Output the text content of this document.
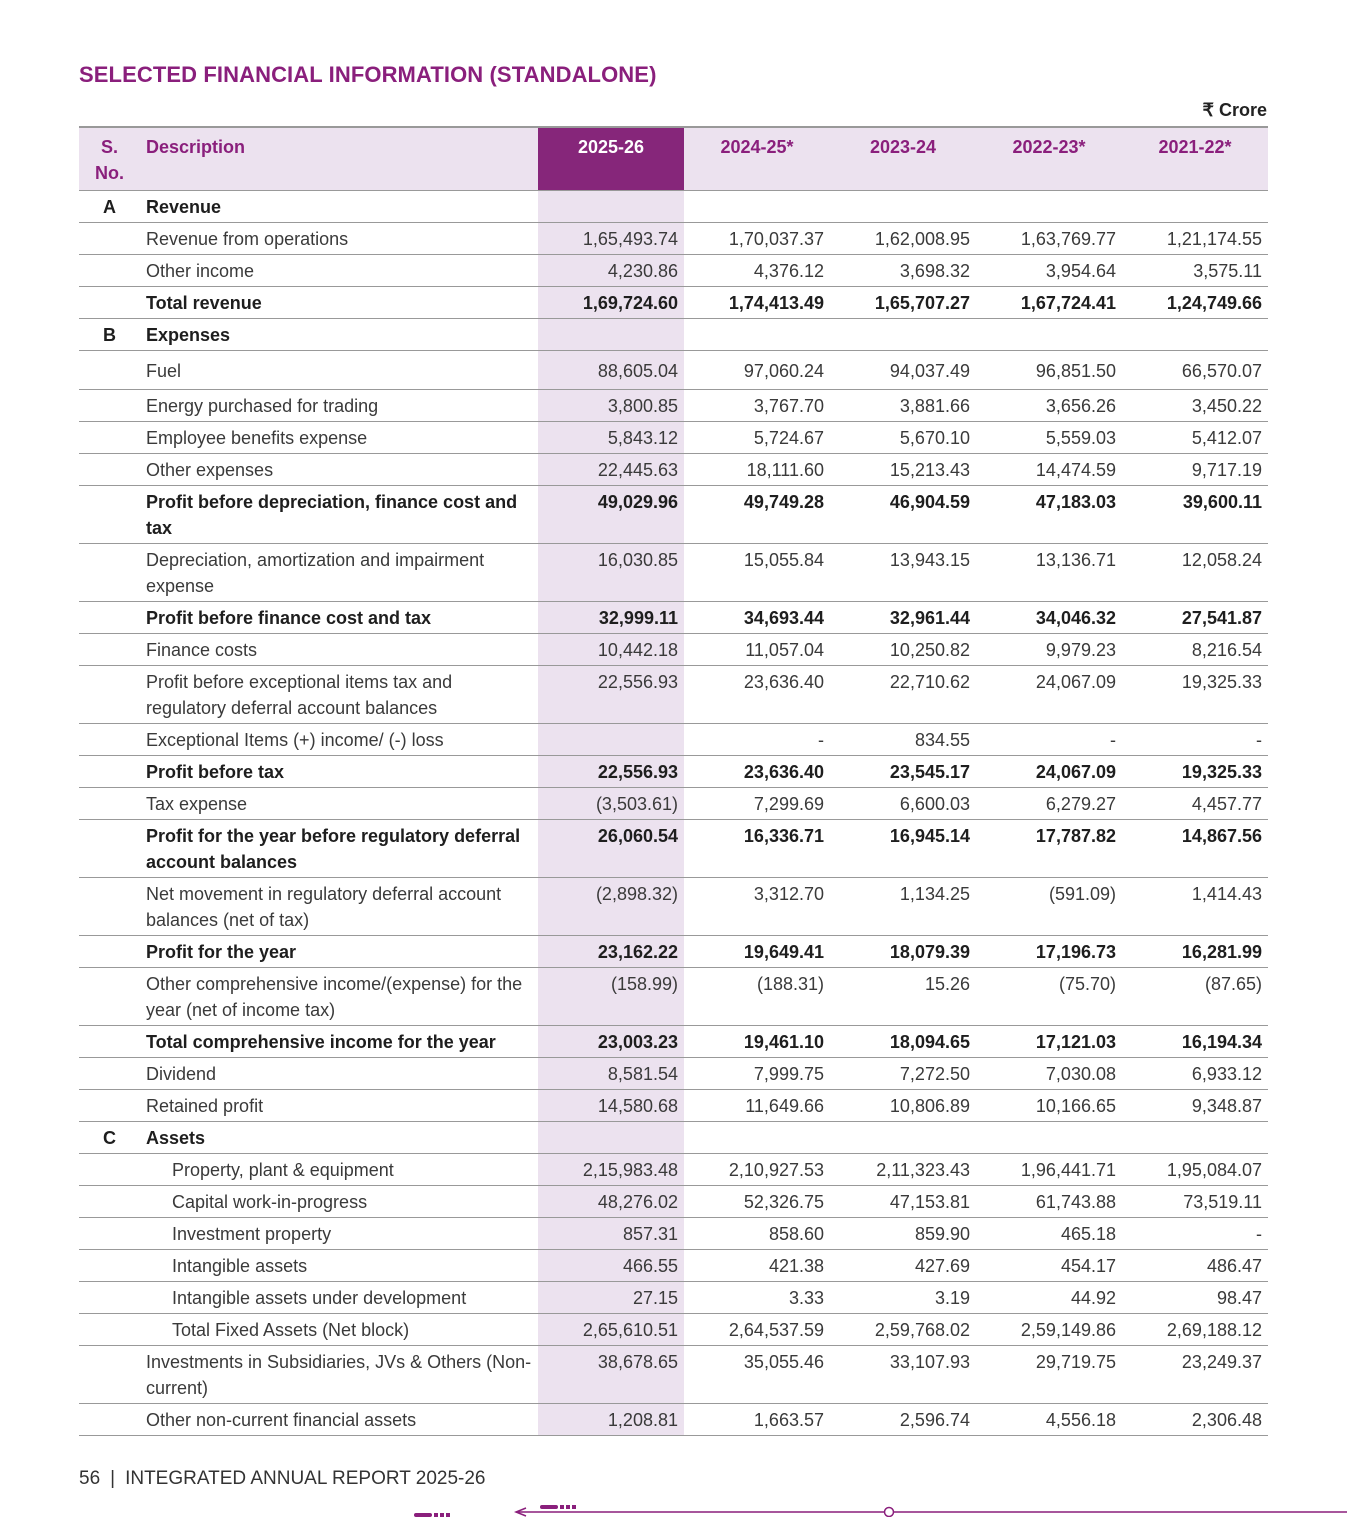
SELECTED FINANCIAL INFORMATION (STANDALONE)
₹ Crore
S. No.	Description	2025-26	2024-25*	2023-24	2022-23*	2021-22*
A	Revenue					
	Revenue from operations	1,65,493.74	1,70,037.37	1,62,008.95	1,63,769.77	1,21,174.55
	Other income	4,230.86	4,376.12	3,698.32	3,954.64	3,575.11
	Total revenue	1,69,724.60	1,74,413.49	1,65,707.27	1,67,724.41	1,24,749.66
B	Expenses					
	Fuel	88,605.04	97,060.24	94,037.49	96,851.50	66,570.07
	Energy purchased for trading	3,800.85	3,767.70	3,881.66	3,656.26	3,450.22
	Employee benefits expense	5,843.12	5,724.67	5,670.10	5,559.03	5,412.07
	Other expenses	22,445.63	18,111.60	15,213.43	14,474.59	9,717.19
	Profit before depreciation, finance cost and tax	49,029.96	49,749.28	46,904.59	47,183.03	39,600.11
	Depreciation, amortization and impairment expense	16,030.85	15,055.84	13,943.15	13,136.71	12,058.24
	Profit before finance cost and tax	32,999.11	34,693.44	32,961.44	34,046.32	27,541.87
	Finance costs	10,442.18	11,057.04	10,250.82	9,979.23	8,216.54
	Profit before exceptional items tax and regulatory deferral account balances	22,556.93	23,636.40	22,710.62	24,067.09	19,325.33
	Exceptional Items (+) income/ (-) loss		-	834.55	-	-
	Profit before tax	22,556.93	23,636.40	23,545.17	24,067.09	19,325.33
	Tax expense	(3,503.61)	7,299.69	6,600.03	6,279.27	4,457.77
	Profit for the year before regulatory deferral account balances	26,060.54	16,336.71	16,945.14	17,787.82	14,867.56
	Net movement in regulatory deferral account balances (net of tax)	(2,898.32)	3,312.70	1,134.25	(591.09)	1,414.43
	Profit for the year	23,162.22	19,649.41	18,079.39	17,196.73	16,281.99
	Other comprehensive income/(expense) for the year (net of income tax)	(158.99)	(188.31)	15.26	(75.70)	(87.65)
	Total comprehensive income for the year	23,003.23	19,461.10	18,094.65	17,121.03	16,194.34
	Dividend	8,581.54	7,999.75	7,272.50	7,030.08	6,933.12
	Retained profit	14,580.68	11,649.66	10,806.89	10,166.65	9,348.87
C	Assets					
	Property, plant & equipment	2,15,983.48	2,10,927.53	2,11,323.43	1,96,441.71	1,95,084.07
	Capital work-in-progress	48,276.02	52,326.75	47,153.81	61,743.88	73,519.11
	Investment property	857.31	858.60	859.90	465.18	-
	Intangible assets	466.55	421.38	427.69	454.17	486.47
	Intangible assets under development	27.15	3.33	3.19	44.92	98.47
	Total Fixed Assets (Net block)	2,65,610.51	2,64,537.59	2,59,768.02	2,59,149.86	2,69,188.12
	Investments in Subsidiaries, JVs & Others (Non-current)	38,678.65	35,055.46	33,107.93	29,719.75	23,249.37
	Other non-current financial assets	1,208.81	1,663.57	2,596.74	4,556.18	2,306.48
56 | INTEGRATED ANNUAL REPORT 2025-26
